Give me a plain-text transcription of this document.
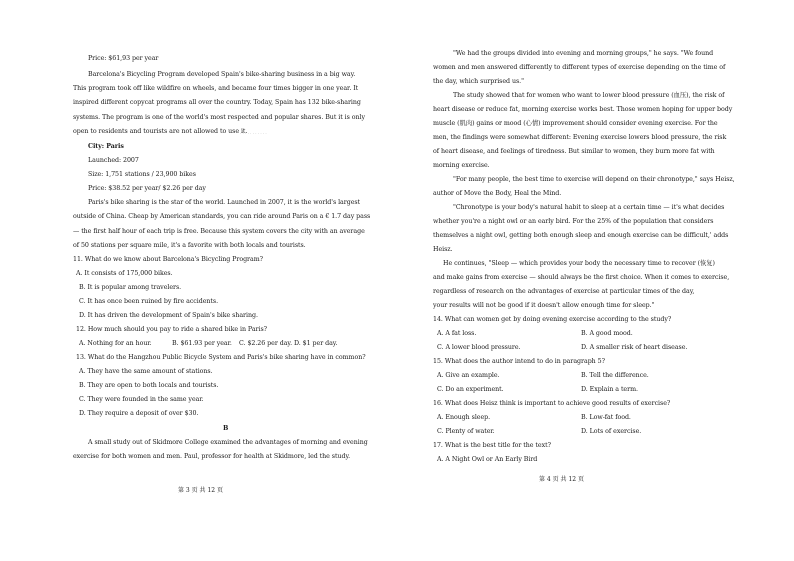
Price: $61,93 per year
Barcelona's Bicycling Program developed Spain's bike-sharing business in a big way.
This program took off like wildfire on wheels, and became four times bigger in one year. It
inspired different copycat programs all over the country. Today, Spain has 132 bike-sharing
systems. The program is one of the world's most respected and popular shares. But it is only
open to residents and tourists are not allowed to use it.
. . . . . . . . . . .
City: Paris
Launched: 2007
Size: 1,751 stations / 23,900 bikes
Price: $38.52 per year/ $2.26 per day
Paris's bike sharing is the star of the world. Launched in 2007, it is the world's largest
outside of China. Cheap by American standards, you can ride around Paris on a € 1.7 day pass
— the first half hour of each trip is free. Because this system covers the city with an average
of 50 stations per square mile, it's a favorite with both locals and tourists.
11. What do we know about Barcelona's Bicycling Program?
A. It consists of 175,000 bikes.
B. It is popular among travelers.
C. It has once been ruined by fire accidents.
D. It has driven the development of Spain's bike sharing.
12. How much should you pay to ride a shared bike in Paris?
A. Nothing for an hour.	B. $61.93 per year. C. $2.26 per day. D. $1 per day.
13. What do the Hangzhou Public Bicycle System and Paris's bike sharing have in common?
A. They have the same amount of stations.
B. They are open to both locals and tourists.
C. They were founded in the same year.
D. They require a deposit of over $30.
B
A small study out of Skidmore College examined the advantages of morning and evening
exercise for both women and men. Paul, professor for health at Skidmore, led the study.
第 3 页 共 12 页
"We had the groups divided into evening and morning groups," he says. "We found
women and men answered differently to different types of exercise depending on the time of
the day, which surprised us."
The study showed that for women who want to lower blood pressure (血压), the risk of
heart disease or reduce fat, morning exercise works best. Those women hoping for upper body
muscle (肌肉) gains or mood (心情) improvement should consider evening exercise. For the
men, the findings were somewhat different: Evening exercise lowers blood pressure, the risk
of heart disease, and feelings of tiredness. But similar to women, they burn more fat with
morning exercise.
"For many people, the best time to exercise will depend on their chronotype," says Heisz,
author of Move the Body, Heal the Mind.
"Chronotype is your body's natural habit to sleep at a certain time — it's what decides
whether you're a night owl or an early bird. For the 25% of the population that considers
themselves a night owl, getting both enough sleep and enough exercise can be difficult,' adds
Heisz.
He continues, "Sleep — which provides your body the necessary time to recover (恢复)
and make gains from exercise — should always be the first choice. When it comes to exercise,
regardless of research on the advantages of exercise at particular times of the day,
your results will not be good if it doesn't allow enough time for sleep."
14. What can women get by doing evening exercise according to the study?
A. A fat loss.	B. A good mood.
C. A lower blood pressure.	D. A smaller risk of heart disease.
15. What does the author intend to do in paragraph 5?
A. Give an example.	B. Tell the difference.
C. Do an experiment.	D. Explain a term.
16. What does Heisz think is important to achieve good results of exercise?
A. Enough sleep.	B. Low-fat food.
C. Plenty of water.	D. Lots of exercise.
17. What is the best title for the text?
A. A Night Owl or An Early Bird
第 4 页 共 12 页
